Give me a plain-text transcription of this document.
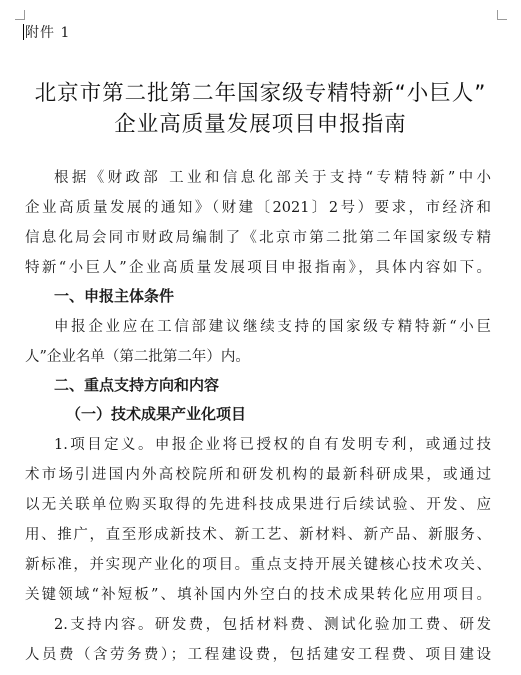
附件 1
北京市第二批第二年国家级专精特新“小巨人”
企业高质量发展项目申报指南
根据《财政部 工业和信息化部关于支持“专精特新”中小
企业高质量发展的通知》（财建〔2021〕2号）要求，市经济和
信息化局会同市财政局编制了《北京市第二批第二年国家级专精
特新“小巨人”企业高质量发展项目申报指南》，具体内容如下。
一、申报主体条件
申报企业应在工信部建议继续支持的国家级专精特新“小巨
人”企业名单（第二批第二年）内。
二、重点支持方向和内容
（一）技术成果产业化项目
1.项目定义。申报企业将已授权的自有发明专利，或通过技
术市场引进国内外高校院所和研发机构的最新科研成果，或通过
以无关联单位购买取得的先进科技成果进行后续试验、开发、应
用、推广，直至形成新技术、新工艺、新材料、新产品、新服务、
新标准，并实现产业化的项目。重点支持开展关键核心技术攻关、
关键领域“补短板”、填补国内外空白的技术成果转化应用项目。
2.支持内容。研发费，包括材料费、测试化验加工费、研发
人员费（含劳务费）；工程建设费，包括建安工程费、项目建设
